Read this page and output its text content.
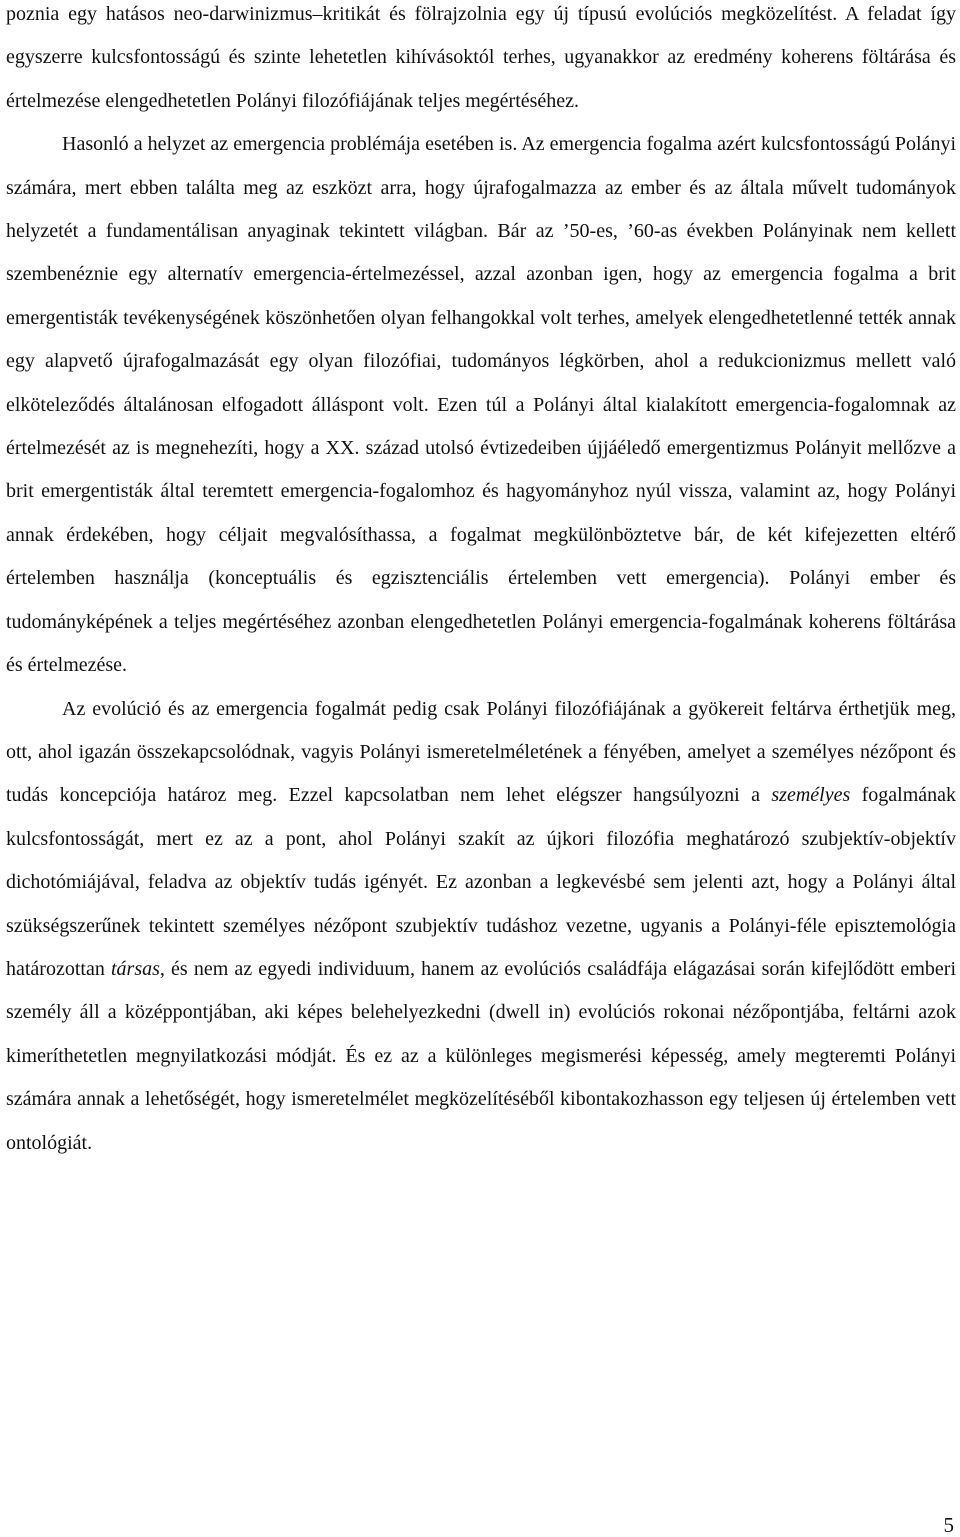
poznia egy hatásos neo-darwinizmus–kritikát és fölrajzolnia egy új típusú evolúciós megközelítést. A feladat így egyszerre kulcsfontosságú és szinte lehetetlen kihívásoktól terhes, ugyanakkor az eredmény koherens föltárása és értelmezése elengedhetetlen Polányi filozófiájának teljes megértéséhez.

Hasonló a helyzet az emergencia problémája esetében is. Az emergencia fogalma azért kulcsfontosságú Polányi számára, mert ebben találta meg az eszközt arra, hogy újrafogalmazza az ember és az általa művelt tudományok helyzetét a fundamentálisan anyaginak tekintett világban. Bár az ’50-es, ’60-as években Polányinak nem kellett szembenéznie egy alternatív emergencia-értelmezéssel, azzal azonban igen, hogy az emergencia fogalma a brit emergentisták tevékenységének köszönhetően olyan felhangokkal volt terhes, amelyek elengedhetetlenné tették annak egy alapvető újrafogalmazását egy olyan filozófiai, tudományos légkörben, ahol a redukcionizmus mellett való elköteleződés általánosan elfogadott álláspont volt. Ezen túl a Polányi által kialakított emergencia-fogalomnak az értelmezését az is megnehezíti, hogy a XX. század utolsó évtizedeiben újjáéledő emergentizmus Polányit mellőzve a brit emergentisták által teremtett emergencia-fogalomhoz és hagyományhoz nyúl vissza, valamint az, hogy Polányi annak érdekében, hogy céljait megvalósíthassa, a fogalmat megkülönböztetve bár, de két kifejezetten eltérő értelemben használja (konceptuális és egzisztenciális értelemben vett emergencia). Polányi ember és tudományképének a teljes megértéséhez azonban elengedhetetlen Polányi emergencia-fogalmának koherens föltárása és értelmezése.

Az evolúció és az emergencia fogalmát pedig csak Polányi filozófiájának a gyökereit feltárva érthetjük meg, ott, ahol igazán összekapcsolódnak, vagyis Polányi ismeretelméletének a fényében, amelyet a személyes nézőpont és tudás koncepciója határoz meg. Ezzel kapcsolatban nem lehet elégszer hangsúlyozni a személyes fogalmának kulcsfontosságát, mert ez az a pont, ahol Polányi szakít az újkori filozófia meghatározó szubjektív-objektív dichotómiájával, feladva az objektív tudás igényét. Ez azonban a legkevésbé sem jelenti azt, hogy a Polányi által szükségszerűnek tekintett személyes nézőpont szubjektív tudáshoz vezetne, ugyanis a Polányi-féle episztemológia határozottan társas, és nem az egyedi individuum, hanem az evolúciós családfája elágazásai során kifejlődött emberi személy áll a középpontjában, aki képes belehelyezkedni (dwell in) evolúciós rokonai nézőpontjába, feltárni azok kimeríthetetlen megnyilatkozási módját. És ez az a különleges megismerési képesség, amely megteremti Polányi számára annak a lehetőségét, hogy ismeretelmélet megközelítéséből kibontakozhasson egy teljesen új értelemben vett ontológiát.

5
